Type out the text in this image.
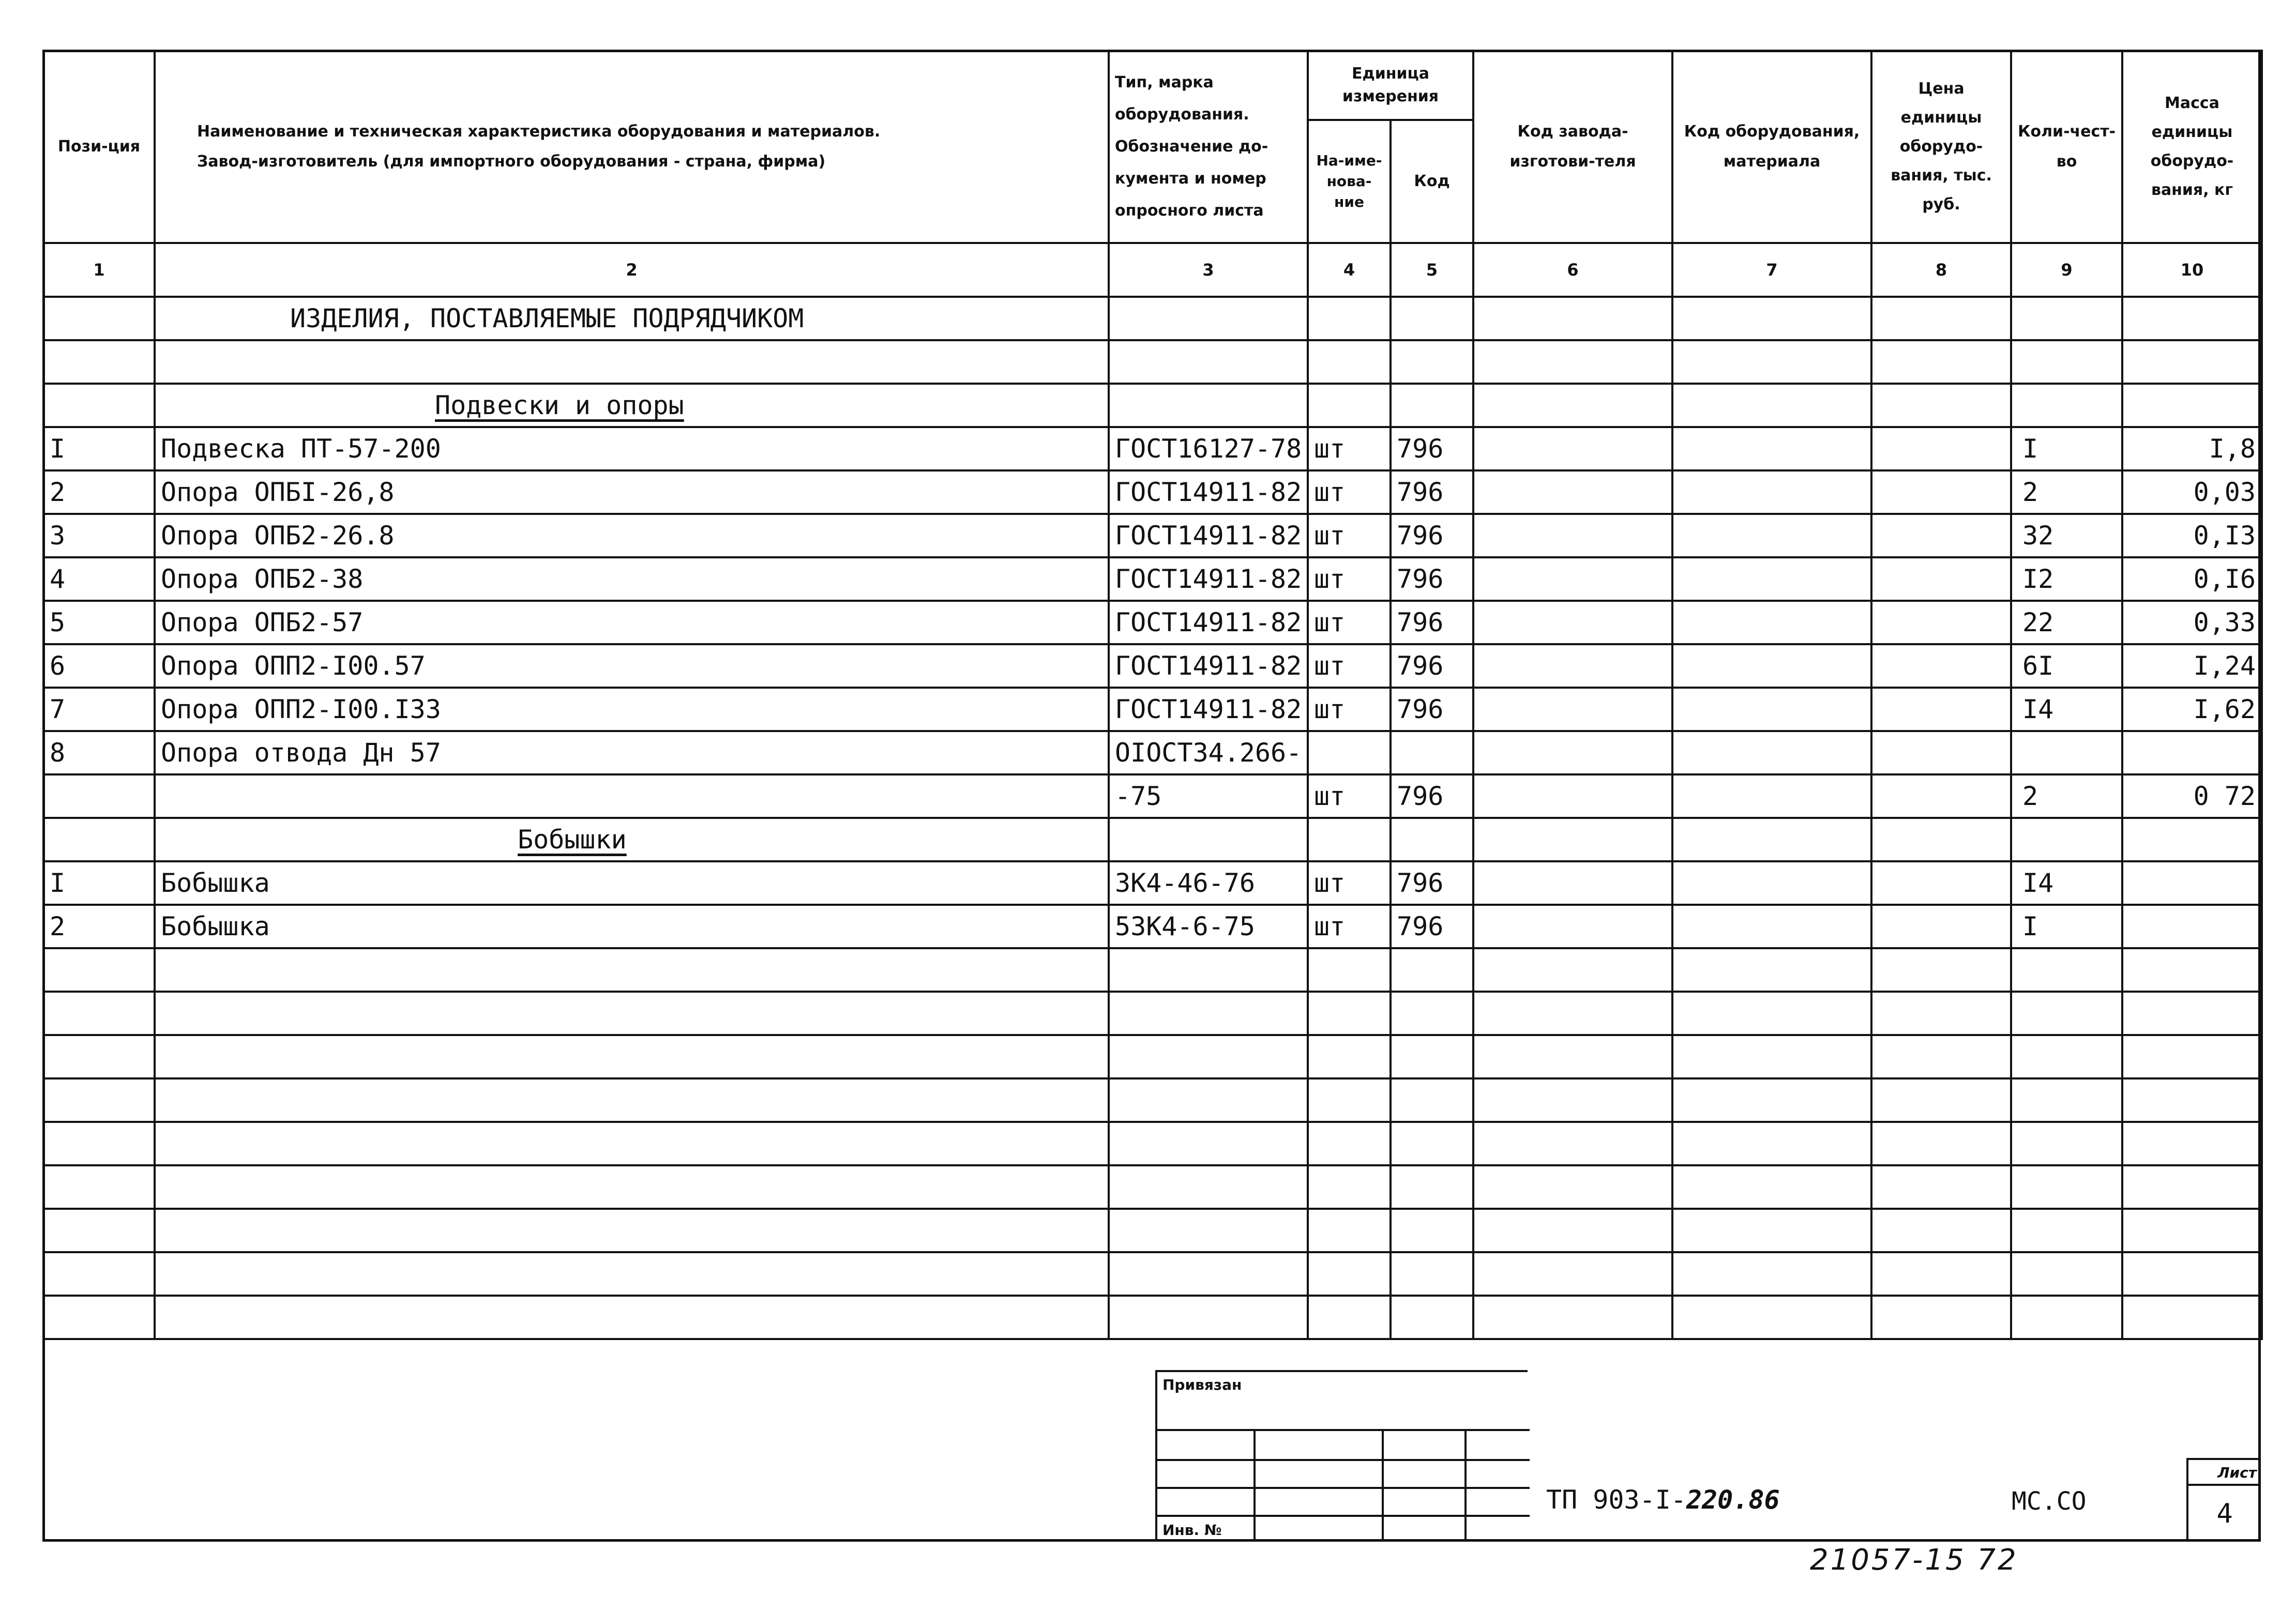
Пози-ция	Наименование и техническая характеристика оборудования и материалов.
Завод-изготовитель (для импортного оборудования - страна, фирма)	Тип, марка оборудования. Обозначение до-кумента и номер опросного листа	Единица измерения		Код завода-изготови-теля	Код оборудования, материала	Цена единицы оборудо-вания, тыс. руб.	Коли-чест-во	Масса единицы оборудо-вания, кг
			На-име-нова-ние	Код					
1	2	3	4	5	6	7	8	9	10
	ИЗДЕЛИЯ, ПОСТАВЛЯЕМЫЕ ПОДРЯДЧИКОМ								

	Подвески и опоры								
I	Подвеска ПТ-57-200	ГОСТ16127-78	шт	796				I	I,8
2	Опора ОПБI-26,8	ГОСТ14911-82	шт	796				2	0,03
3	Опора ОПБ2-26.8	ГОСТ14911-82	шт	796				32	0,I3
4	Опора ОПБ2-38	ГОСТ14911-82	шт	796				I2	0,I6
5	Опора ОПБ2-57	ГОСТ14911-82	шт	796				22	0,33
6	Опора ОПП2-I00.57	ГОСТ14911-82	шт	796				6I	I,24
7	Опора ОПП2-I00.I33	ГОСТ14911-82	шт	796				I4	I,62
8	Опора отвода Дн 57	ОIОСТ34.266-							
		-75	шт	796				2	0 72
	Бобышки								
I	Бобышка	3К4-46-76	шт	796				I4	
2	Бобышка	53К4-6-75	шт	796				I	

Привязан
Инв. №
ТП 903-I-220.86	МС.СО
Лист
4
21057-15 72
